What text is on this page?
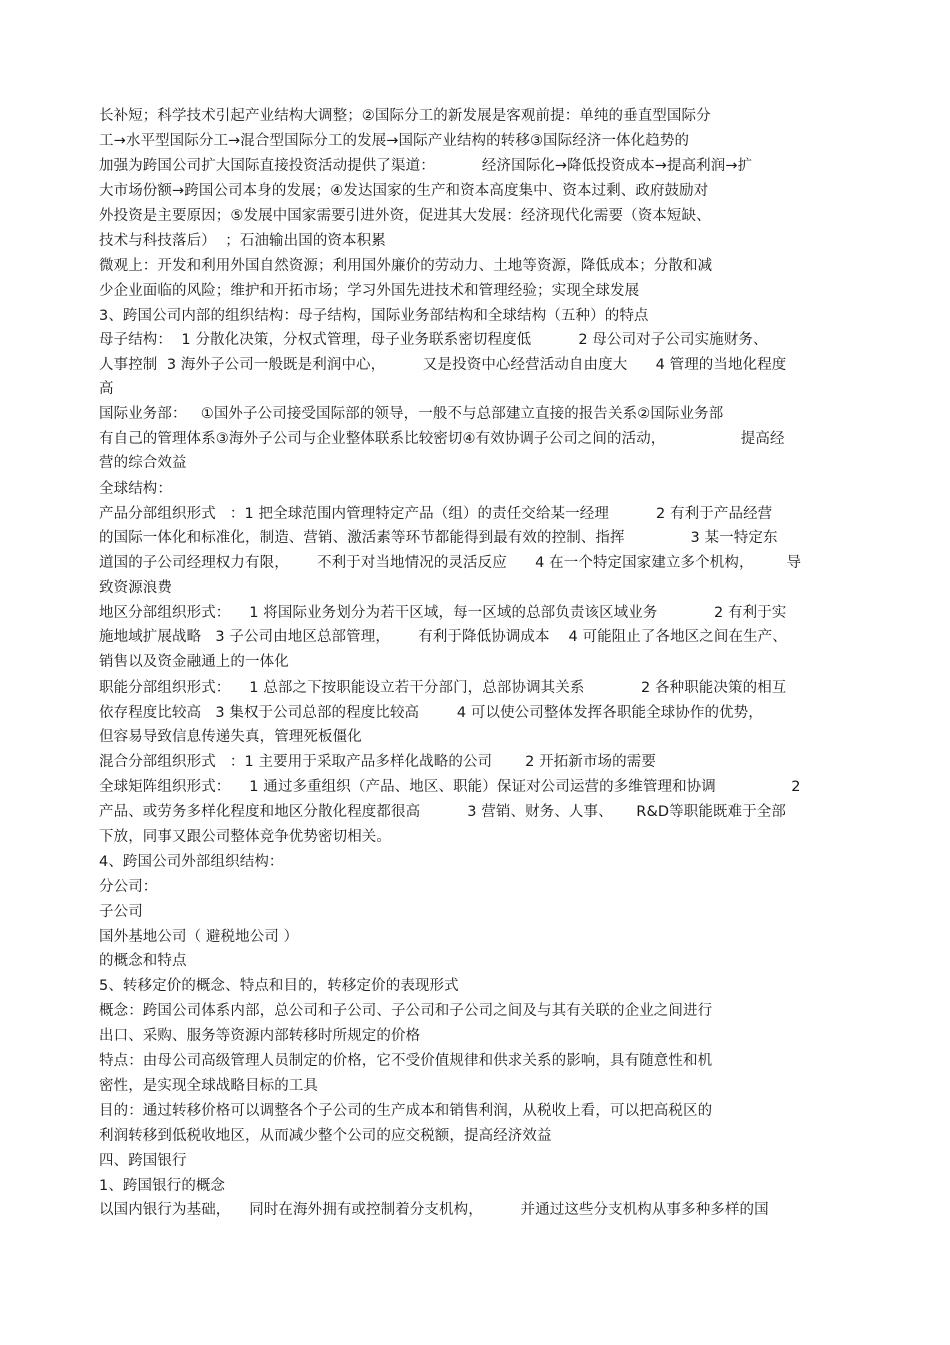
长补短；科学技术引起产业结构大调整；②国际分工的新发展是客观前提：单纯的垂直型国际分
工→水平型国际分工→混合型国际分工的发展→国际产业结构的转移③国际经济一体化趋势的
加强为跨国公司扩大国际直接投资活动提供了渠道：          经济国际化→降低投资成本→提高利润→扩
大市场份额→跨国公司本身的发展；④发达国家的生产和资本高度集中、资本过剩、政府鼓励对
外投资是主要原因；⑤发展中国家需要引进外资，促进其大发展：经济现代化需要（资本短缺、
技术与科技落后）  ；石油输出国的资本积累
微观上：开发和利用外国自然资源；利用国外廉价的劳动力、土地等资源，降低成本；分散和减
少企业面临的风险；维护和开拓市场；学习外国先进技术和管理经验；实现全球发展
3、跨国公司内部的组织结构：母子结构，国际业务部结构和全球结构（五种）的特点
母子结构：  1 分散化决策，分权式管理，母子业务联系密切程度低          2 母公司对子公司实施财务、
人事控制  3 海外子公司一般既是利润中心，        又是投资中心经营活动自由度大      4 管理的当地化程度
高
国际业务部：   ①国外子公司接受国际部的领导，一般不与总部建立直接的报告关系②国际业务部
有自己的管理体系③海外子公司与企业整体联系比较密切④有效协调子公司之间的活动，                提高经
营的综合效益
全球结构：
产品分部组织形式   ：1 把全球范围内管理特定产品（组）的责任交给某一经理          2 有利于产品经营
的国际一体化和标准化，制造、营销、激活素等环节都能得到最有效的控制、指挥              3 某一特定东
道国的子公司经理权力有限，      不利于对当地情况的灵活反应      4 在一个特定国家建立多个机构，       导
致资源浪费
地区分部组织形式：    1 将国际业务划分为若干区域，每一区域的总部负责该区域业务            2 有利于实
施地域扩展战略   3 子公司由地区总部管理，      有利于降低协调成本    4 可能阻止了各地区之间在生产、
销售以及资金融通上的一体化
职能分部组织形式：    1 总部之下按职能设立若干分部门，总部协调其关系            2 各种职能决策的相互
依存程度比较高   3 集权于公司总部的程度比较高        4 可以使公司整体发挥各职能全球协作的优势，
但容易导致信息传递失真，管理死板僵化
混合分部组织形式   ：1 主要用于采取产品多样化战略的公司       2 开拓新市场的需要
全球矩阵组织形式：    1 通过多重组织（产品、地区、职能）保证对公司运营的多维管理和协调                2
产品、或劳务多样化程度和地区分散化程度都很高          3 营销、财务、人事、     R&D等职能既难于全部
下放，同事又跟公司整体竞争优势密切相关。
4、跨国公司外部组织结构：
分公司：
子公司
国外基地公司（ 避税地公司 ）
的概念和特点
5、转移定价的概念、特点和目的，转移定价的表现形式
概念：跨国公司体系内部，总公司和子公司、子公司和子公司之间及与其有关联的企业之间进行
出口、采购、服务等资源内部转移时所规定的价格
特点：由母公司高级管理人员制定的价格，它不受价值规律和供求关系的影响，具有随意性和机
密性，是实现全球战略目标的工具
目的：通过转移价格可以调整各个子公司的生产成本和销售利润，从税收上看，可以把高税区的
利润转移到低税收地区，从而减少整个公司的应交税额，提高经济效益
四、跨国银行
1、跨国银行的概念
以国内银行为基础，    同时在海外拥有或控制着分支机构，        并通过这些分支机构从事多种多样的国
